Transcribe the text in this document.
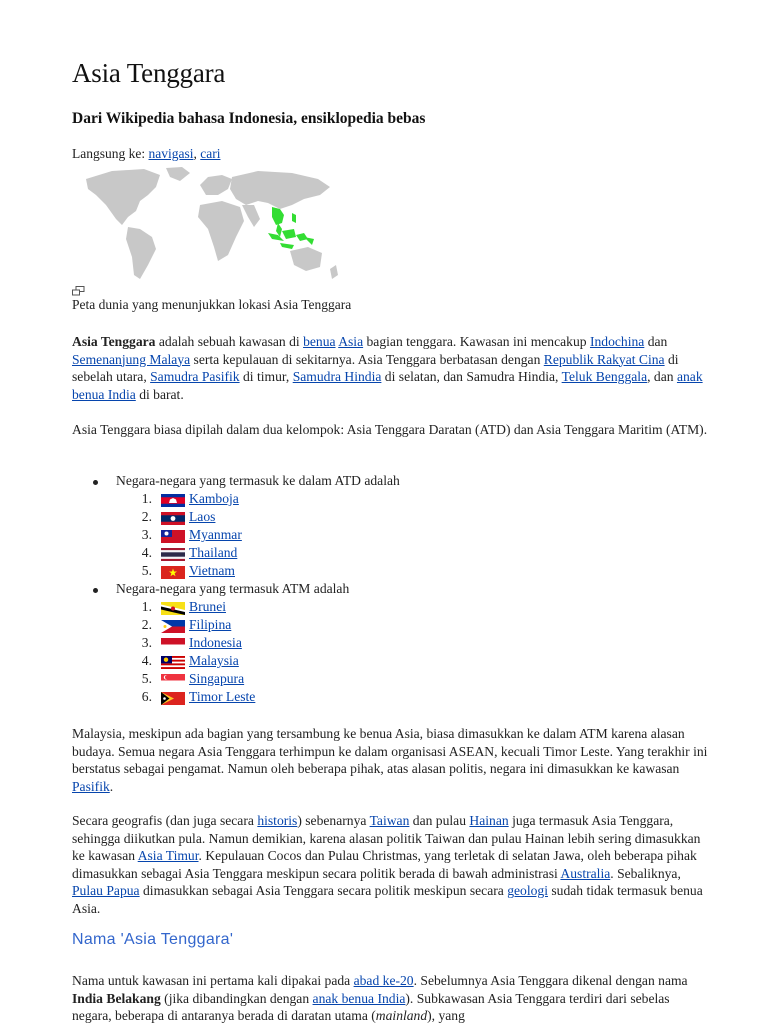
Asia Tenggara
Dari Wikipedia bahasa Indonesia, ensiklopedia bebas
Langsung ke: navigasi, cari
Peta dunia yang menunjukkan lokasi Asia Tenggara

Asia Tenggara adalah sebuah kawasan di benua Asia bagian tenggara. Kawasan ini mencakup Indochina dan Semenanjung Malaya serta kepulauan di sekitarnya. Asia Tenggara berbatasan dengan Republik Rakyat Cina di sebelah utara, Samudra Pasifik di timur, Samudra Hindia di selatan, dan Samudra Hindia, Teluk Benggala, dan anak benua India di barat.

Asia Tenggara biasa dipilah dalam dua kelompok: Asia Tenggara Daratan (ATD) dan Asia Tenggara Maritim (ATM).

Negara-negara yang termasuk ke dalam ATD adalah
1.	Kamboja
2.	Laos
3.	Myanmar
4.	Thailand
5.	Vietnam
Negara-negara yang termasuk ATM adalah
1.	Brunei
2.	Filipina
3.	Indonesia
4.	Malaysia
5.	Singapura
6.	Timor Leste

Malaysia, meskipun ada bagian yang tersambung ke benua Asia, biasa dimasukkan ke dalam ATM karena alasan budaya. Semua negara Asia Tenggara terhimpun ke dalam organisasi ASEAN, kecuali Timor Leste. Yang terakhir ini berstatus sebagai pengamat. Namun oleh beberapa pihak, atas alasan politis, negara ini dimasukkan ke kawasan Pasifik.

Secara geografis (dan juga secara historis) sebenarnya Taiwan dan pulau Hainan juga termasuk Asia Tenggara, sehingga diikutkan pula. Namun demikian, karena alasan politik Taiwan dan pulau Hainan lebih sering dimasukkan ke kawasan Asia Timur. Kepulauan Cocos dan Pulau Christmas, yang terletak di selatan Jawa, oleh beberapa pihak dimasukkan sebagai Asia Tenggara meskipun secara politik berada di bawah administrasi Australia. Sebaliknya, Pulau Papua dimasukkan sebagai Asia Tenggara secara politik meskipun secara geologi sudah tidak termasuk benua Asia.

Nama 'Asia Tenggara'

Nama untuk kawasan ini pertama kali dipakai pada abad ke-20. Sebelumnya Asia Tenggara dikenal dengan nama India Belakang (jika dibandingkan dengan anak benua India). Subkawasan Asia Tenggara terdiri dari sebelas negara, beberapa di antaranya berada di daratan utama (mainland), yang
